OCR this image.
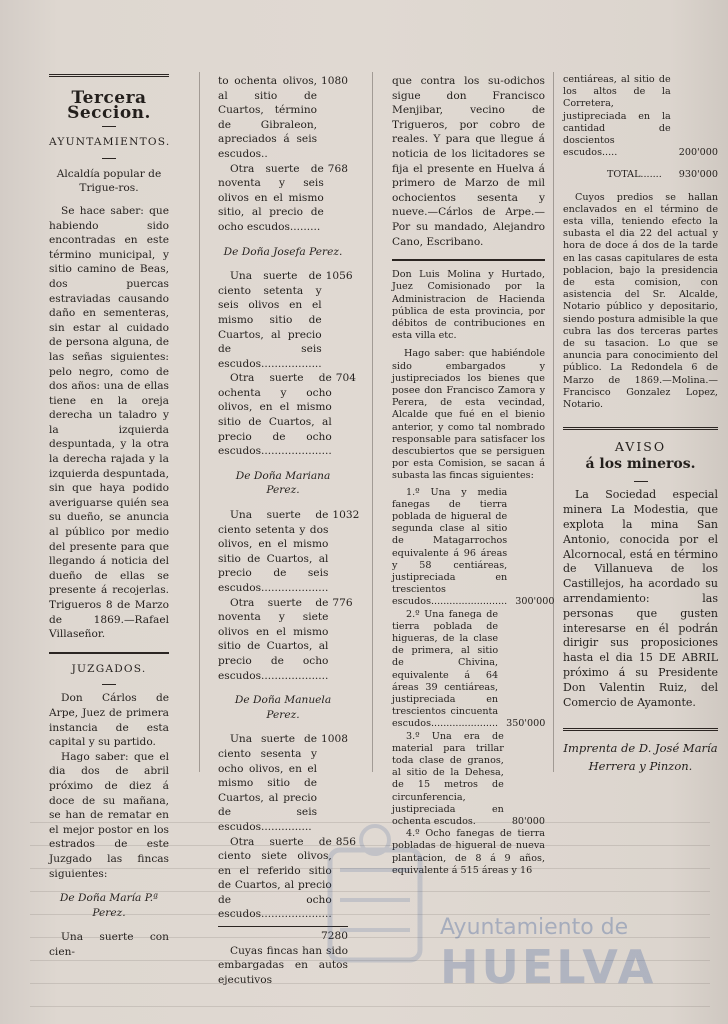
Tercera Seccion.
AYUNTAMIENTOS.

Alcaldía popular de Trigue-ros.

Se hace saber: que habiendo sido encontradas en este término municipal, y sitio camino de Beas, dos puercas estraviadas causando daño en sementeras, sin estar al cuidado de persona alguna, de las señas siguientes: pelo negro, como de dos años: una de ellas tiene en la oreja derecha un taladro y la izquierda despuntada, y la otra la derecha rajada y la izquierda despuntada, sin que haya podido averiguarse quién sea su dueño, se anuncia al público por medio del presente para que llegando á noticia del dueño de ellas se presente á recojerlas. Trigueros 8 de Marzo de 1869.—Rafael Villaseñor.

JUZGADOS.

Don Cárlos de Arpe, Juez de primera instancia de esta capital y su partido.

Hago saber: que el dia dos de abril próximo de diez á doce de su mañana, se han de rematar en el mejor postor en los estrados de este Juzgado las fincas siguientes:

De Doña María P.ª Perez.

Una suerte con cien-

to ochenta olivos, al sitio de Cuartos, término de Gibraleon, apreciados á seis escudos..
1080
Otra suerte de noventa y seis olivos en el mismo sitio, al precio de ocho escudos.........
768
De Doña Josefa Perez.
Una suerte de ciento setenta y seis olivos en el mismo sitio de Cuartos, al precio de seis escudos..................
1056
Otra suerte de ochenta y ocho olivos, en el mismo sitio de Cuartos, al precio de ocho escudos.....................
704
De Doña Mariana Perez.
Una suerte de ciento setenta y dos olivos, en el mismo sitio de Cuartos, al precio de seis escudos....................
1032
Otra suerte de noventa y siete olivos en el mismo sitio de Cuartos, al precio de ocho escudos....................
776
De Doña Manuela Perez.
Una suerte de ciento sesenta y ocho olivos, en el mismo sitio de Cuartos, al precio de seis escudos...............
1008
Otra suerte de ciento siete olivos, en el referido sitio de Cuartos, al precio de ocho escudos.....................
856
7280

Cuyas fincas han sido embargadas en autos ejecutivos

que contra los su-odichos sigue don Francisco Menjibar, vecino de Trigueros, por cobro de reales. Y para que llegue á noticia de los licitadores se fija el presente en Huelva á primero de Marzo de mil ochocientos sesenta y nueve.—Cárlos de Arpe.—Por su mandado, Alejandro Cano, Escribano.

Don Luis Molina y Hurtado, Juez Comisionado por la Administracion de Hacienda pública de esta provincia, por débitos de contribuciones en esta villa etc.

Hago saber: que habiéndole sido embargados y justipreciados los bienes que posee don Francisco Zamora y Perera, de esta vecindad, Alcalde que fué en el bienio anterior, y como tal nombrado responsable para satisfacer los descubiertos que se persiguen por esta Comision, se sacan á subasta las fincas siguientes:

1.º Una y media fanegas de tierra poblada de higueral de segunda clase al sitio de Matagarrochos equivalente á 96 áreas y 58 centiáreas, justipreciada en trescientos escudos......................... 300'000
2.º Una fanega de tierra poblada de higueras, de la clase de primera, al sitio de Chivina, equivalente á 64 áreas 39 centiáreas, justipreciada en trescientos cincuenta escudos...................... 350'000
3.º Una era de material para trillar toda clase de granos, al sitio de la Dehesa, de 15 metros de circunferencia, justipreciada en ochenta escudos.	80'000

4.º Ocho fanegas de tierra pobladas de higueral de nueva plantacion, de 8 á 9 años, equivalente á 515 áreas y 16

centiáreas, al sitio de los altos de la Corretera, justipreciada en la cantidad de doscientos escudos.....	200'000
TOTAL....... 930'000

Cuyos predios se hallan enclavados en el término de esta villa, teniendo efecto la subasta el dia 22 del actual y hora de doce á dos de la tarde en las casas capitulares de esta poblacion, bajo la presidencia de esta comision, con asistencia del Sr. Alcalde, Notario público y depositario, siendo postura admisible la que cubra las dos terceras partes de su tasacion. Lo que se anuncia para conocimiento del público. La Redondela 6 de Marzo de 1869.—Molina.—Francisco Gonzalez Lopez, Notario.

AVISO
á los mineros.

La Sociedad especial minera La Modestia, que explota la mina San Antonio, conocida por el Alcornocal, está en término de Villanueva de los Castillejos, ha acordado su arrendamiento: las personas que gusten interesarse en él podrán dirigir sus proposiciones hasta el dia 15 DE ABRIL próximo á su Presidente Don Valentin Ruiz, del Comercio de Ayamonte.

Imprenta de D. José María
Herrera y Pinzon.
Ayuntamiento de
HUELVA
